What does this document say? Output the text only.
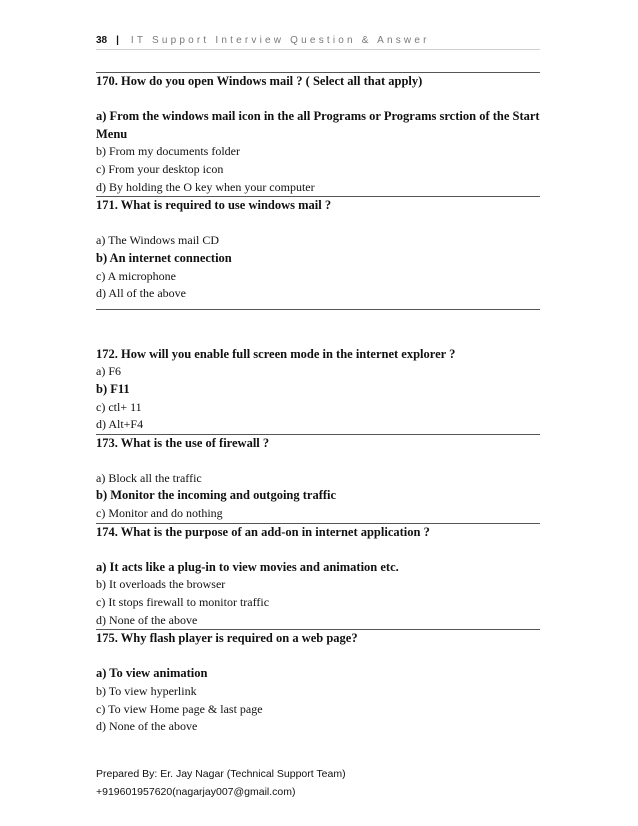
38 | IT Support Interview Question & Answer
170. How do you open Windows mail ? ( Select all that apply)
a) From the windows mail icon in the all Programs or Programs srction of the Start Menu
b) From my documents folder
c) From your desktop icon
d) By holding the O key when your computer
171. What is required to use windows mail ?
a) The Windows mail CD
b) An internet connection
c) A microphone
d) All of the above
172. How will you enable full screen mode in the internet explorer ?
a) F6
b) F11
c) ctl+ 11
d) Alt+F4
173. What is the use of firewall ?
a) Block all the traffic
b) Monitor the incoming and outgoing traffic
c) Monitor and do nothing
174. What is the purpose of an add-on in internet application ?
a) It acts like a plug-in to view movies and animation etc.
b) It overloads the browser
c) It stops firewall to monitor traffic
d) None of the above
175. Why flash player is required on a web page?
a) To view animation
b) To view hyperlink
c) To view Home page & last page
d) None of the above
Prepared By: Er. Jay Nagar (Technical Support Team)
+919601957620(nagarjay007@gmail.com)
